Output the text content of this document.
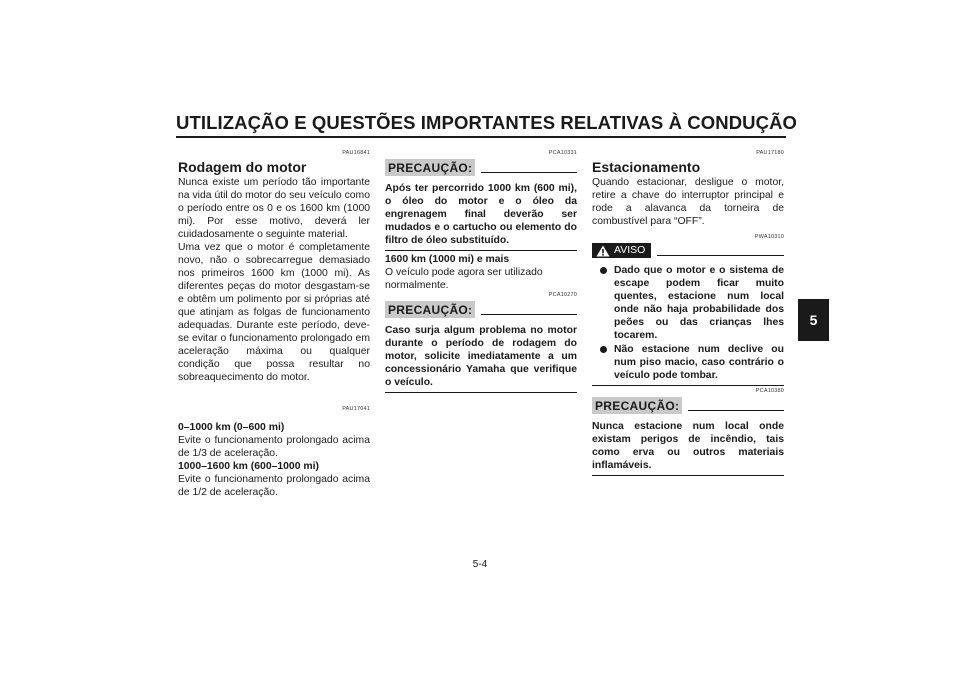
UTILIZAÇÃO E QUESTÕES IMPORTANTES RELATIVAS À CONDUÇÃO
5
PAU16841
Rodagem do motor

Nunca existe um período tão importante na vida útil do motor do seu veículo como o período entre os 0 e os 1600 km (1000 mi). Por esse motivo, deverá ler cuidadosamente o seguinte material.

Uma vez que o motor é completamente novo, não o sobrecarregue demasiado nos primeiros 1600 km (1000 mi). As diferentes peças do motor desgastam-se e obtêm um polimento por si próprias até que atinjam as folgas de funcionamento adequadas. Durante este período, deve-se evitar o funcionamento prolongado em aceleração máxima ou qualquer condição que possa resultar no sobreaquecimento do motor.

PAU17041

0–1000 km (0–600 mi)

Evite o funcionamento prolongado acima de 1/3 de aceleração.

1000–1600 km (600–1000 mi)

Evite o funcionamento prolongado acima de 1/2 de aceleração.

PCA10331
PRECAUÇÃO:

Após ter percorrido 1000 km (600 mi), o óleo do motor e o óleo da engrenagem final deverão ser mudados e o cartucho ou elemento do filtro de óleo substituído.

1600 km (1000 mi) e mais

O veículo pode agora ser utilizado normalmente.

PCA10270
PRECAUÇÃO:

Caso surja algum problema no motor durante o período de rodagem do motor, solicite imediatamente a um concessionário Yamaha que verifique o veículo.

PAU17180
Estacionamento

Quando estacionar, desligue o motor, retire a chave do interruptor principal e rode a alavanca da torneira de combustível para “OFF”.

PWA10310
AVISO
Dado que o motor e o sistema de escape podem ficar muito quentes, estacione num local onde não haja probabilidade dos peões ou das crianças lhes tocarem.
Não estacione num declive ou num piso macio, caso contrário o veículo pode tombar.
PCA10380
PRECAUÇÃO:

Nunca estacione num local onde existam perigos de incêndio, tais como erva ou outros materiais inflamáveis.

5-4
